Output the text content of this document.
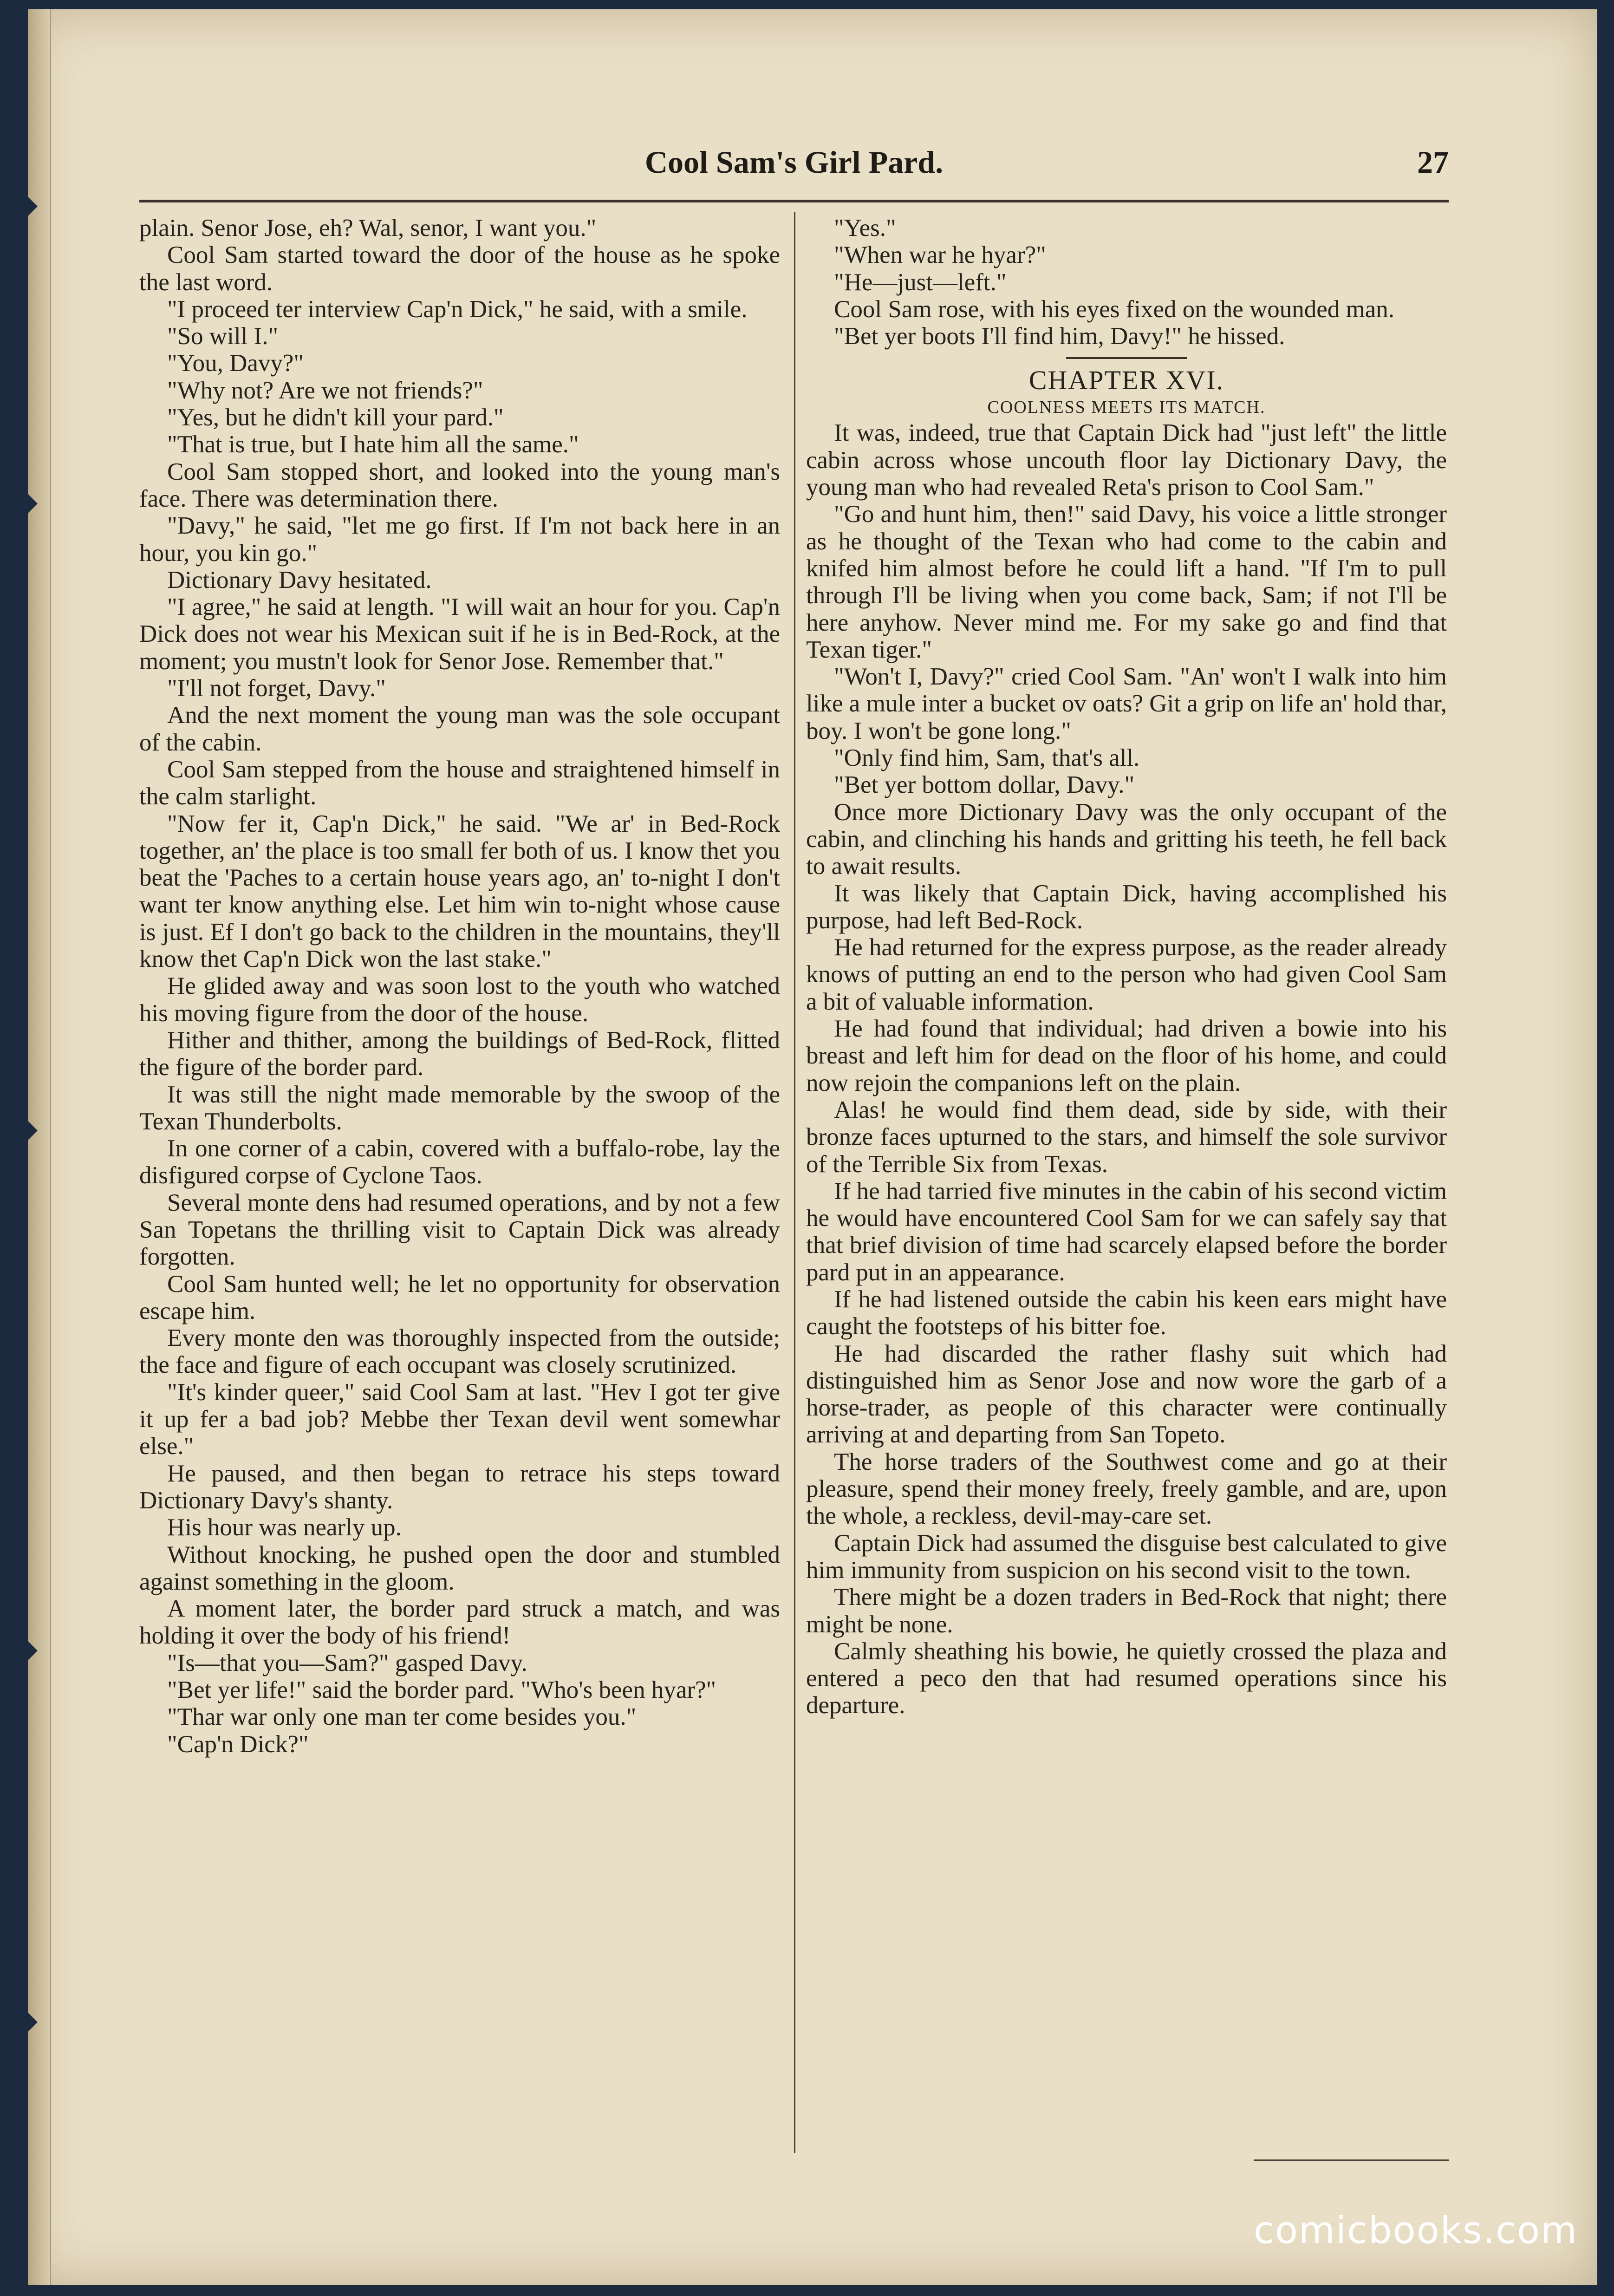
◆
◆
◆
◆
◆
Cool Sam's Girl Pard.	27

plain. Senor Jose, eh? Wal, senor, I want you."

Cool Sam started toward the door of the house as he spoke the last word.

"I proceed ter interview Cap'n Dick," he said, with a smile.

"So will I."

"You, Davy?"

"Why not? Are we not friends?"

"Yes, but he didn't kill your pard."

"That is true, but I hate him all the same."

Cool Sam stopped short, and looked into the young man's face. There was determination there.

"Davy," he said, "let me go first. If I'm not back here in an hour, you kin go."

Dictionary Davy hesitated.

"I agree," he said at length. "I will wait an hour for you. Cap'n Dick does not wear his Mexican suit if he is in Bed-Rock, at the moment; you mustn't look for Senor Jose. Remember that."

"I'll not forget, Davy."

And the next moment the young man was the sole occupant of the cabin.

Cool Sam stepped from the house and straightened himself in the calm starlight.

"Now fer it, Cap'n Dick," he said. "We ar' in Bed-Rock together, an' the place is too small fer both of us. I know thet you beat the 'Paches to a certain house years ago, an' to-night I don't want ter know anything else. Let him win to-night whose cause is just. Ef I don't go back to the children in the mountains, they'll know thet Cap'n Dick won the last stake."

He glided away and was soon lost to the youth who watched his moving figure from the door of the house.

Hither and thither, among the buildings of Bed-Rock, flitted the figure of the border pard.

It was still the night made memorable by the swoop of the Texan Thunderbolts.

In one corner of a cabin, covered with a buffalo-robe, lay the disfigured corpse of Cyclone Taos.

Several monte dens had resumed operations, and by not a few San Topetans the thrilling visit to Captain Dick was already forgotten.

Cool Sam hunted well; he let no opportunity for observation escape him.

Every monte den was thoroughly inspected from the outside; the face and figure of each occupant was closely scrutinized.

"It's kinder queer," said Cool Sam at last. "Hev I got ter give it up fer a bad job? Mebbe ther Texan devil went somewhar else."

He paused, and then began to retrace his steps toward Dictionary Davy's shanty.

His hour was nearly up.

Without knocking, he pushed open the door and stumbled against something in the gloom.

A moment later, the border pard struck a match, and was holding it over the body of his friend!

"Is—that you—Sam?" gasped Davy.

"Bet yer life!" said the border pard. "Who's been hyar?"

"Thar war only one man ter come besides you."

"Cap'n Dick?"

"Yes."

"When war he hyar?"

"He—just—left."

Cool Sam rose, with his eyes fixed on the wounded man.

"Bet yer boots I'll find him, Davy!" he hissed.

CHAPTER XVI.
COOLNESS MEETS ITS MATCH.

It was, indeed, true that Captain Dick had "just left" the little cabin across whose uncouth floor lay Dictionary Davy, the young man who had revealed Reta's prison to Cool Sam."

"Go and hunt him, then!" said Davy, his voice a little stronger as he thought of the Texan who had come to the cabin and knifed him almost before he could lift a hand. "If I'm to pull through I'll be living when you come back, Sam; if not I'll be here anyhow. Never mind me. For my sake go and find that Texan tiger."

"Won't I, Davy?" cried Cool Sam. "An' won't I walk into him like a mule inter a bucket ov oats? Git a grip on life an' hold thar, boy. I won't be gone long."

"Only find him, Sam, that's all.

"Bet yer bottom dollar, Davy."

Once more Dictionary Davy was the only occupant of the cabin, and clinching his hands and gritting his teeth, he fell back to await results.

It was likely that Captain Dick, having accomplished his purpose, had left Bed-Rock.

He had returned for the express purpose, as the reader already knows of putting an end to the person who had given Cool Sam a bit of valuable information.

He had found that individual; had driven a bowie into his breast and left him for dead on the floor of his home, and could now rejoin the companions left on the plain.

Alas! he would find them dead, side by side, with their bronze faces upturned to the stars, and himself the sole survivor of the Terrible Six from Texas.

If he had tarried five minutes in the cabin of his second victim he would have encountered Cool Sam for we can safely say that that brief division of time had scarcely elapsed before the border pard put in an appearance.

If he had listened outside the cabin his keen ears might have caught the footsteps of his bitter foe.

He had discarded the rather flashy suit which had distinguished him as Senor Jose and now wore the garb of a horse-trader, as people of this character were continually arriving at and departing from San Topeto.

The horse traders of the Southwest come and go at their pleasure, spend their money freely, freely gamble, and are, upon the whole, a reckless, devil-may-care set.

Captain Dick had assumed the disguise best calculated to give him immunity from suspicion on his second visit to the town.

There might be a dozen traders in Bed-Rock that night; there might be none.

Calmly sheathing his bowie, he quietly crossed the plaza and entered a peco den that had resumed operations since his departure.

comicbooks.com
